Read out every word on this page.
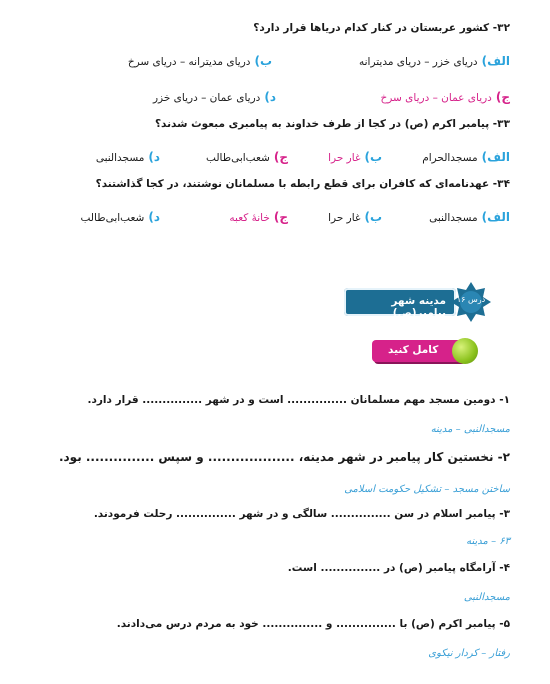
۳۲- کشور عربستان در کنار کدام دریاها قرار دارد؟
الف)دریای خزر – دریای مدیترانه
ب)دریای مدیترانه – دریای سرخ
ج)دریای عمان – دریای سرخ
د)دریای عمان – دریای خزر
۳۳- پیامبر اکرم (ص) در کجا از طرف خداوند به پیامبری مبعوث شدند؟
الف)مسجدالحرام
ب)غار حرا
ج)شعب‌ابی‌طالب
د)مسجدالنبی
۳۴- عهدنامه‌ای که کافران برای قطع رابطه با مسلمانان نوشتند، در کجا گذاشتند؟
الف)مسجدالنبی
ب)غار حرا
ج)خانهٔ کعبه
د)شعب‌ابی‌طالب
مدینه شهر پیامبر(ص)
درس ۱۶
کامل کنید
۱- دومین مسجد مهم مسلمانان ............... است و در شهر ............... قرار دارد.
مسجدالنبی – مدینه
۲- نخستین کار پیامبر در شهر مدینه، ................... و سپس ............... بود.
ساختن مسجد – تشکیل حکومت اسلامی
۳- پیامبر اسلام در سن ............... سالگی و در شهر ............... رحلت فرمودند.
۶۳ – مدینه
۴- آرامگاه پیامبر (ص) در ............... است.
مسجدالنبی
۵- پیامبر اکرم (ص) با ............... و ............... خود به مردم درس می‌دادند.
رفتار – کردار نیکوی
